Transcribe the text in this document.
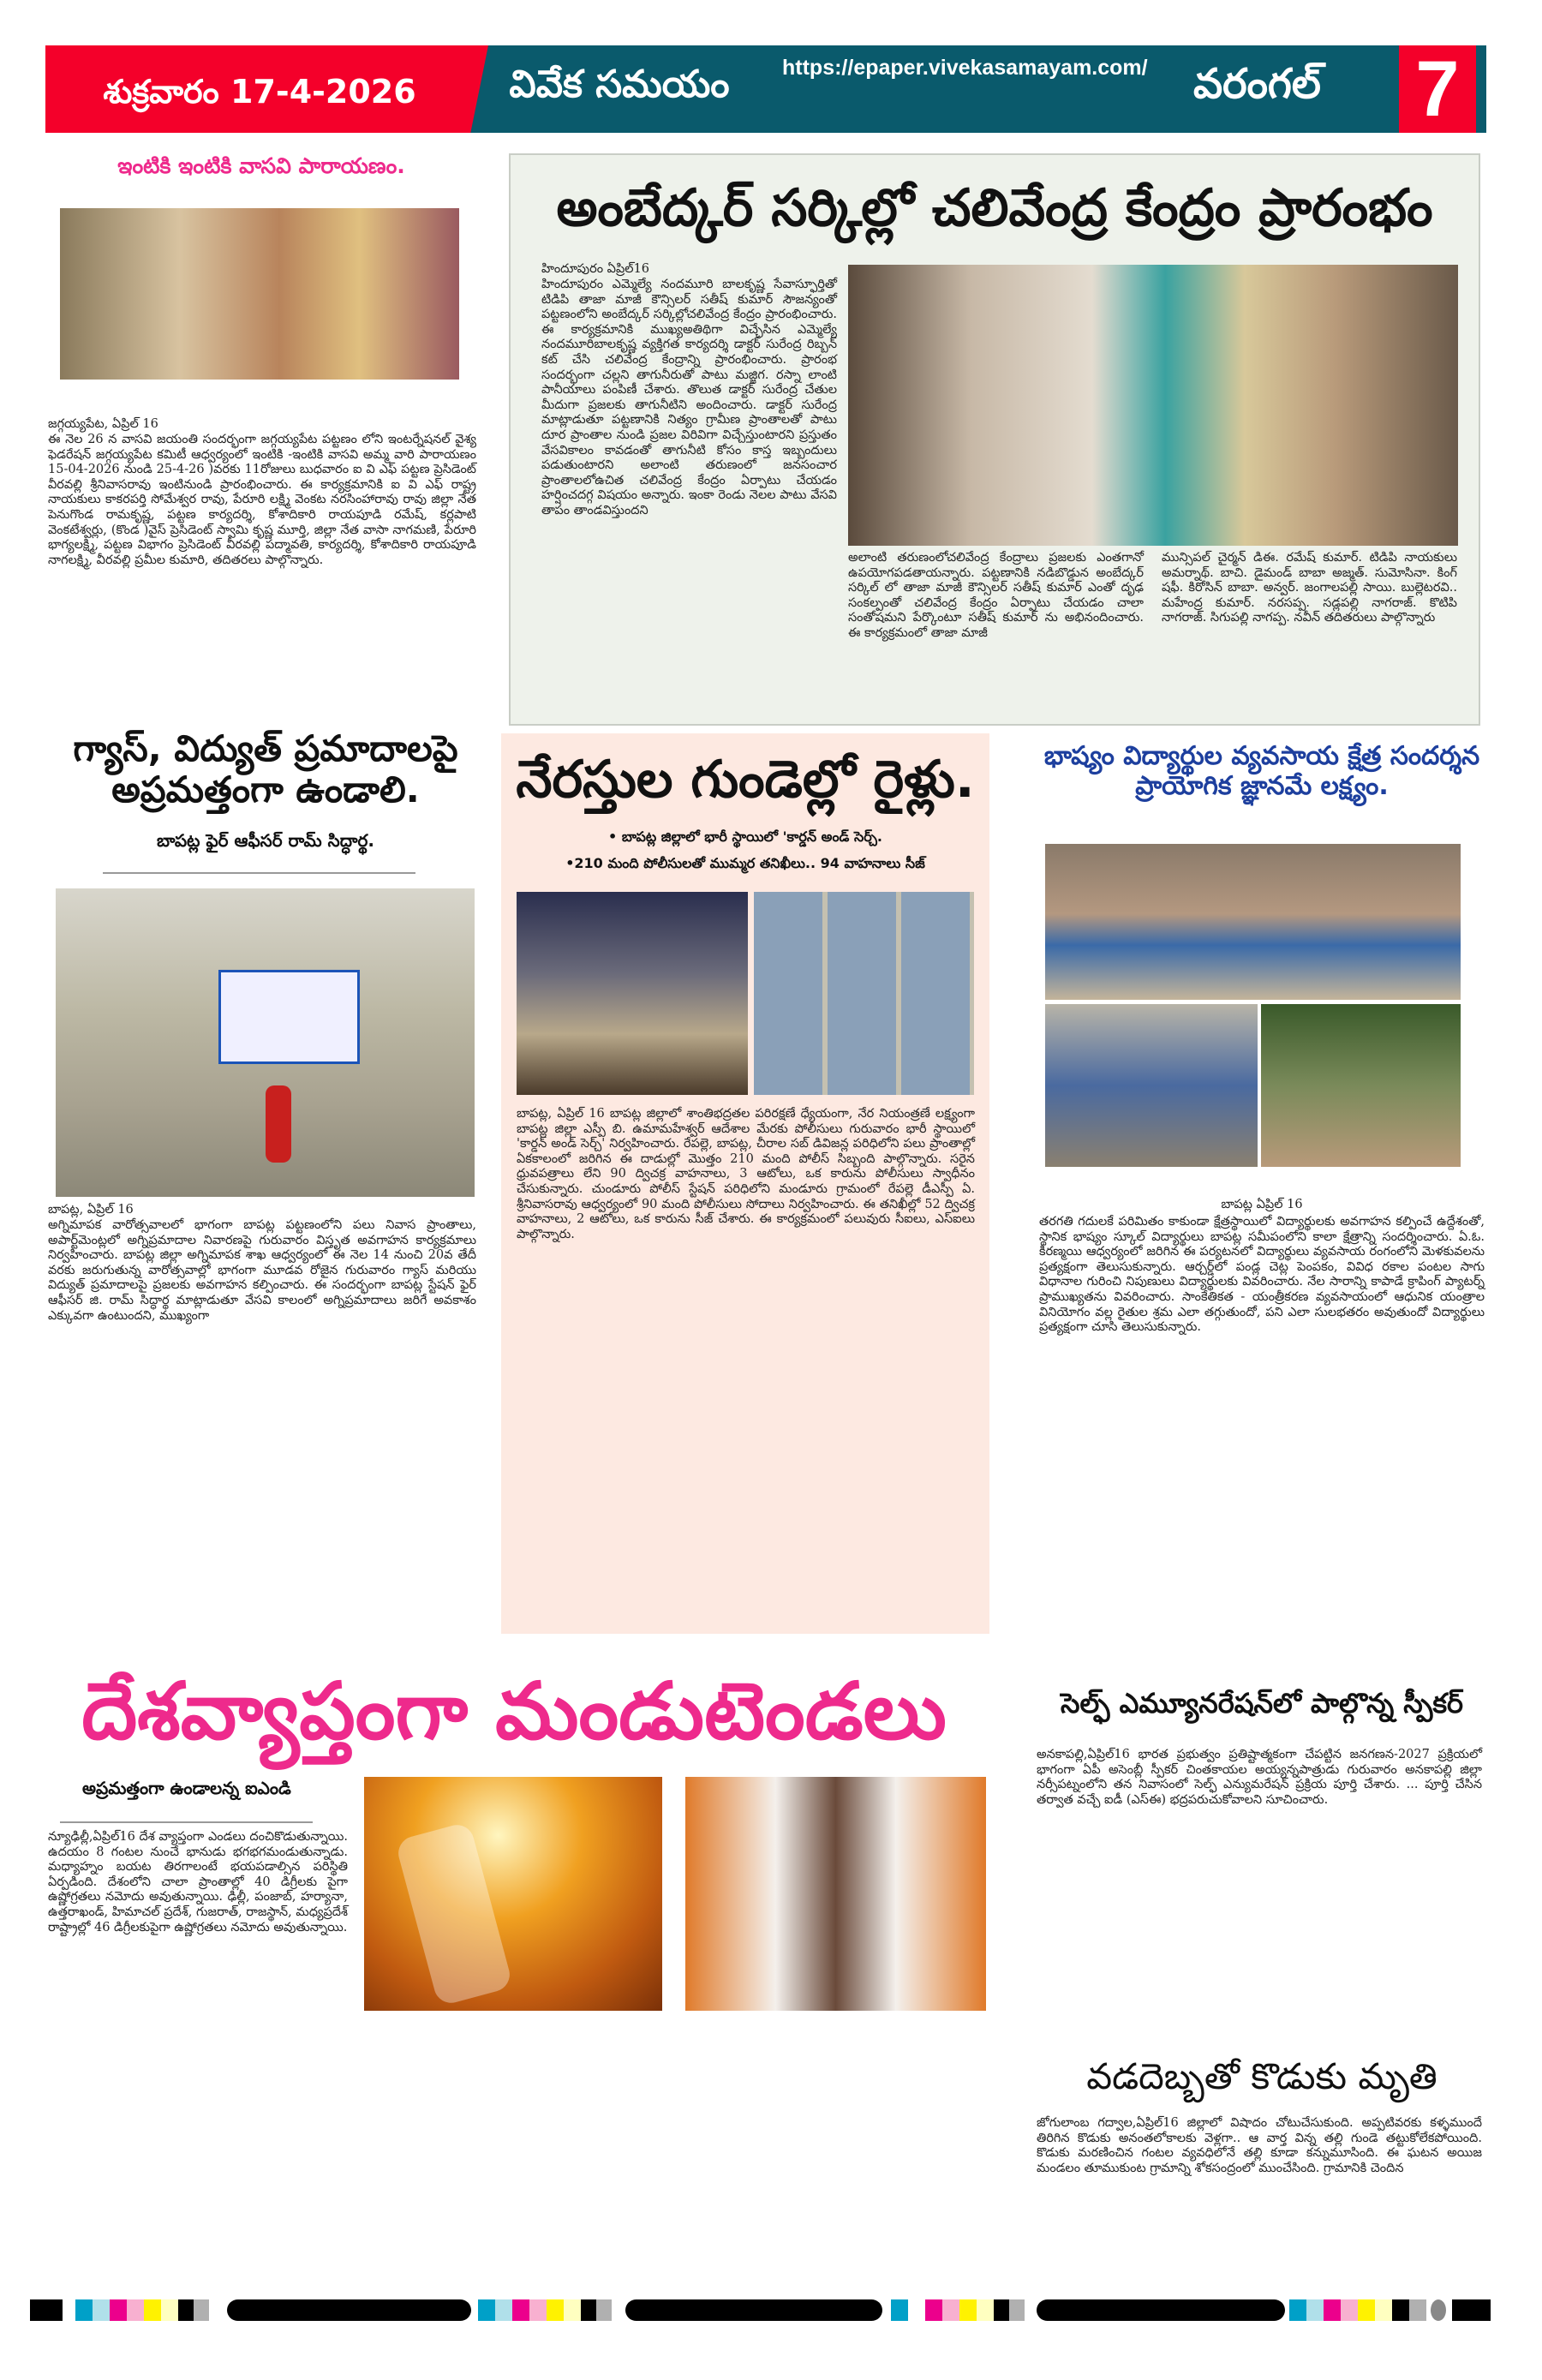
శుక్రవారం 17-4-2026	వివేక సమయం	https://epaper.vivekasamayam.com/ వరంగల్ 7
ఇంటికి ఇంటికి వాసవి పారాయణం.
జగ్గయ్యపేట, ఏప్రిల్ 16
ఈ నెల 26 న వాసవి జయంతి సందర్భంగా జగ్గయ్యపేట పట్టణం లోని ఇంటర్నేషనల్ వైశ్య ఫెడరేషన్ జగ్గయ్యపేట కమిటీ ఆధ్వర్యంలో ఇంటికి -ఇంటికి వాసవి అమ్మ వారి పారాయణం 15-04-2026 నుండి 25-4-26 )వరకు 11రోజులు బుధవారం ఐ వి ఎఫ్ పట్టణ ప్రెసిడెంట్ వీరవల్లి శ్రీనివాసరావు ఇంటినుండి ప్రారంభించారు. ఈ కార్యక్రమానికి ఐ వి ఎఫ్ రాష్ట్ర నాయకులు కాకరపర్తి సోమేశ్వర రావు, పేరూరి లక్ష్మి వెంకట నరసింహారావు రావు జిల్లా నేత పెనుగొండ రామకృష్ణ, పట్టణ కార్యదర్శి, కోశాదికారి రాయపూడి రమేష్, కర్లపాటి వెంకటేశ్వర్లు, (కొండ )వైస్ ప్రెసిడెంట్ స్వామి కృష్ణ మూర్తి, జిల్లా నేత వాసా నాగమణి, పేరూరి భాగ్యలక్ష్మి, పట్టణ విభాగం ప్రెసిడెంట్ వీరవల్లి పద్మావతి, కార్యదర్శి, కోశాదికారి రాయపూడి నాగలక్ష్మి, వీరవల్లి ప్రమీల కుమారి, తదితరలు పాల్గొన్నారు.
అంబేద్కర్ సర్కిల్లో చలివేంద్ర కేంద్రం ప్రారంభం
హిందూపురం ఏప్రిల్16
హిందూపురం ఎమ్మెల్యే నందమూరి బాలకృష్ణ సేవాస్ఫూర్తితో టిడిపి తాజా మాజీ కౌన్సిలర్ సతీష్ కుమార్ సౌజన్యంతో పట్టణంలోని అంబేద్కర్ సర్కిల్లోచలివేంద్ర కేంద్రం ప్రారంభించారు. ఈ కార్యక్రమానికి ముఖ్యఅతిథిగా విచ్చేసిన ఎమ్మెల్యే నందమూరిబాలకృష్ణ వ్యక్తిగత కార్యదర్శి డాక్టర్ సురేంద్ర రిబ్బన్ కట్ చేసి చలివేంద్ర కేంద్రాన్ని ప్రారంభించారు. ప్రారంభ సందర్భంగా చల్లని తాగునీరుతో పాటు మజ్జిగ. రస్నా లాంటి పానీయాలు పంపిణీ చేశారు. తొలుత డాక్టర్ సురేంద్ర చేతుల మీదుగా ప్రజలకు తాగునీటిని అందించారు. డాక్టర్ సురేంద్ర మాట్లాడుతూ పట్టణానికి నిత్యం గ్రామీణ ప్రాంతాలతో పాటు దూర ప్రాంతాల నుండి ప్రజల విరివిగా విచ్చేస్తుంటారని ప్రస్తుతం వేసవికాలం కావడంతో తాగునీటి కోసం కాస్త ఇబ్బందులు పడుతుంటారని అలాంటి తరుణంలో జనసంచార ప్రాంతాలలోఉచిత చలివేంద్ర కేంద్రం ఏర్పాటు చేయడం హర్షించదగ్గ విషయం అన్నారు. ఇంకా రెండు నెలల పాటు వేసవి తాపం తాండవిస్తుందని
అలాంటి తరుణంలోచలివేంద్ర కేంద్రాలు ప్రజలకు ఎంతగానో ఉపయోగపడతాయన్నారు. పట్టణానికి నడిబొడ్డున అంబేద్కర్ సర్కిల్ లో తాజా మాజీ కౌన్సిలర్ సతీష్ కుమార్ ఎంతో దృఢ సంకల్పంతో చలివేంద్ర కేంద్రం ఏర్పాటు చేయడం చాలా సంతోషమని పేర్కొంటూ సతీష్ కుమార్ ను అభినందించారు. ఈ కార్యక్రమంలో తాజా మాజీ
మున్సిపల్ చైర్మన్ డిఈ. రమేష్ కుమార్. టిడిపి నాయకులు అమర్నాథ్. బాచి. డైమండ్ బాబా అజ్మత్. సుమోసినా. కింగ్ షఫీ. కిరోసిన్ బాబా. అన్వర్. జంగాలపల్లి సాయి. బుల్లెటరవి.. మహేంద్ర కుమార్. నరసప్ప. సడ్లపల్లి నాగరాజ్. కొటిపి నాగరాజ్. సిగుపల్లి నాగప్ప. నవీన్ తదితరులు పాల్గొన్నారు
గ్యాస్, విద్యుత్ ప్రమాదాలపై అప్రమత్తంగా ఉండాలి.
బాపట్ల ఫైర్ ఆఫీసర్ రామ్ సిద్ధార్థ.
బాపట్ల, ఏప్రిల్ 16
అగ్నిమాపక వారోత్సవాలలో భాగంగా బాపట్ల పట్టణంలోని పలు నివాస ప్రాంతాలు, అపార్ట్‌మెంట్లలో అగ్నిప్రమాదాల నివారణపై గురువారం విస్తృత అవగాహన కార్యక్రమాలు నిర్వహించారు. బాపట్ల జిల్లా అగ్నిమాపక శాఖ ఆధ్వర్యంలో ఈ నెల 14 నుంచి 20వ తేదీ వరకు జరుగుతున్న వారోత్సవాల్లో భాగంగా మూడవ రోజైన గురువారం గ్యాస్ మరియు విద్యుత్ ప్రమాదాలపై ప్రజలకు అవగాహన కల్పించారు. ఈ సందర్భంగా బాపట్ల స్టేషన్ ఫైర్ ఆఫీసర్ జి. రామ్ సిద్ధార్థ మాట్లాడుతూ వేసవి కాలంలో అగ్నిప్రమాదాలు జరిగే అవకాశం ఎక్కువగా ఉంటుందని, ముఖ్యంగా
నేరస్తుల గుండెల్లో రైళ్లు.
• బాపట్ల జిల్లాలో భారీ స్థాయిలో 'కార్డన్ అండ్ సెర్చ్.
•210 మంది పోలీసులతో ముమ్మర తనిఖీలు.. 94 వాహనాలు సీజ్
బాపట్ల, ఏప్రిల్ 16 బాపట్ల జిల్లాలో శాంతిభద్రతల పరిరక్షణే ధ్యేయంగా, నేర నియంత్రణే లక్ష్యంగా బాపట్ల జిల్లా ఎస్పీ బి. ఉమామహేశ్వర్ ఆదేశాల మేరకు పోలీసులు గురువారం భారీ స్థాయిలో 'కార్డన్ అండ్ సెర్చ్' నిర్వహించారు. రేపల్లె, బాపట్ల, చీరాల సబ్ డివిజన్ల పరిధిలోని పలు ప్రాంతాల్లో ఏకకాలంలో జరిగిన ఈ దాడుల్లో మొత్తం 210 మంది పోలీస్ సిబ్బంది పాల్గొన్నారు. సరైన ధ్రువపత్రాలు లేని 90 ద్విచక్ర వాహనాలు, 3 ఆటోలు, ఒక కారును పోలీసులు స్వాధీనం చేసుకున్నారు. చుండూరు పోలీస్ స్టేషన్ పరిధిలోని మండూరు గ్రామంలో రేపల్లె డీఎస్పీ ఏ. శ్రీనివాసరావు ఆధ్వర్యంలో 90 మంది పోలీసులు సోదాలు నిర్వహించారు. ఈ తనిఖీల్లో 52 ద్విచక్ర వాహనాలు, 2 ఆటోలు, ఒక కారును సీజ్ చేశారు. ఈ కార్యక్రమంలో పలువురు సీఐలు, ఎస్ఐలు పాల్గొన్నారు.
భాష్యం విద్యార్థుల వ్యవసాయ క్షేత్ర సందర్శన ప్రాయోగిక జ్ఞానమే లక్ష్యం.
బాపట్ల ఏప్రిల్ 16
తరగతి గదులకే పరిమితం కాకుండా క్షేత్రస్థాయిలో విద్యార్థులకు అవగాహన కల్పించే ఉద్దేశంతో, స్థానిక భాష్యం స్కూల్ విద్యార్థులు బాపట్ల సమీపంలోని కాలా క్షేత్రాన్ని సందర్శించారు. ఏ.ఓ. కిరణ్మయి ఆధ్వర్యంలో జరిగిన ఈ పర్యటనలో విద్యార్థులు వ్యవసాయ రంగంలోని మెళకువలను ప్రత్యక్షంగా తెలుసుకున్నారు. ఆర్చర్డ్‌లో పండ్ల చెట్ల పెంపకం, వివిధ రకాల పంటల సాగు విధానాల గురించి నిపుణులు విద్యార్థులకు వివరించారు. నేల సారాన్ని కాపాడే క్రాపింగ్ ప్యాటర్న్ ప్రాముఖ్యతను వివరించారు. సాంకేతికత - యంత్రీకరణ వ్యవసాయంలో ఆధునిక యంత్రాల వినియోగం వల్ల రైతుల శ్రమ ఎలా తగ్గుతుందో, పని ఎలా సులభతరం అవుతుందో విద్యార్థులు ప్రత్యక్షంగా చూసి తెలుసుకున్నారు.
దేశవ్యాప్తంగా మండుటెండలు
అప్రమత్తంగా ఉండాలన్న ఐఎండి
న్యూఢిల్లీ,ఏప్రిల్16 దేశ వ్యాప్తంగా ఎండలు దంచికొడుతున్నాయి. ఉదయం 8 గంటల నుంచే భానుడు భగభగమండుతున్నాడు. మధ్యాహ్నం బయట తిరగాలంటే భయపడాల్సిన పరిస్థితి ఏర్పడింది. దేశంలోని చాలా ప్రాంతాల్లో 40 డిగ్రీలకు పైగా ఉష్ణోగ్రతలు నమోదు అవుతున్నాయి. ఢిల్లీ, పంజాబ్, హర్యానా, ఉత్తరాఖండ్, హిమాచల్ ప్రదేశ్, గుజరాత్, రాజస్థాన్, మధ్యప్రదేశ్ రాష్ట్రాల్లో 46 డిగ్రీలకుపైగా ఉష్ణోగ్రతలు నమోదు అవుతున్నాయి.
సెల్ఫ్ ఎమ్యూనరేషన్‌లో పాల్గొన్న స్పీకర్
అనకాపల్లి,ఏప్రిల్16 భారత ప్రభుత్వం ప్రతిష్టాత్మకంగా చేపట్టిన జనగణన-2027 ప్రక్రియలో భాగంగా ఏపీ అసెంబ్లీ స్పీకర్ చింతకాయల అయ్యన్నపాత్రుడు గురువారం అనకాపల్లి జిల్లా నర్సీపట్నంలోని తన నివాసంలో సెల్ఫ్ ఎన్యుమరేషన్ ప్రక్రియ పూర్తి చేశారు. ... పూర్తి చేసిన తర్వాత వచ్చే ఐడీ (ఎస్ఈ) భద్రపరుచుకోవాలని సూచించారు.
వడదెబ్బతో కొడుకు మృతి
జోగులాంబ గద్వాల,ఏప్రిల్16 జిల్లాలో విషాదం చోటుచేసుకుంది. అప్పటివరకు కళ్ళముందే తిరిగిన కొడుకు అనంతలోకాలకు వెళ్లగా.. ఆ వార్త విన్న తల్లి గుండె తట్టుకోలేకపోయింది. కొడుకు మరణించిన గంటల వ్యవధిలోనే తల్లి కూడా కన్నుమూసింది. ఈ ఘటన అయిజ మండలం తూముకుంట గ్రామాన్ని శోకసంద్రంలో ముంచేసింది. గ్రామానికి చెందిన
